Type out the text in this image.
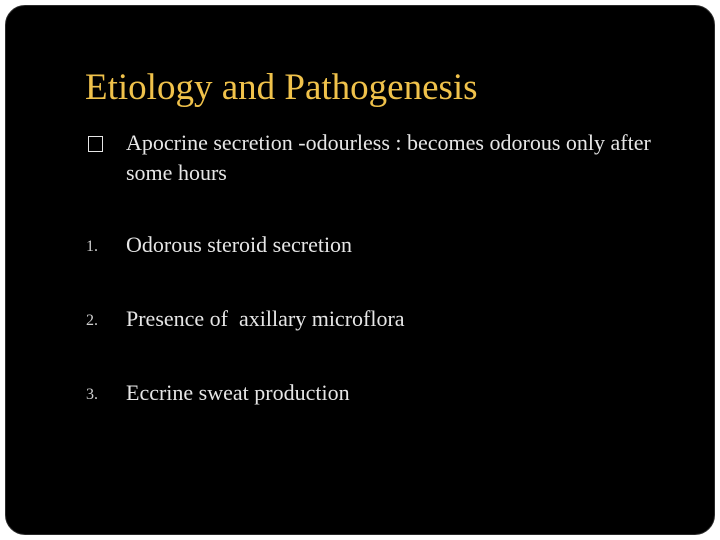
Etiology and Pathogenesis
Apocrine secretion -odourless : becomes odorous only after some hours
1. Odorous steroid secretion
2. Presence of  axillary microflora
3. Eccrine sweat production
